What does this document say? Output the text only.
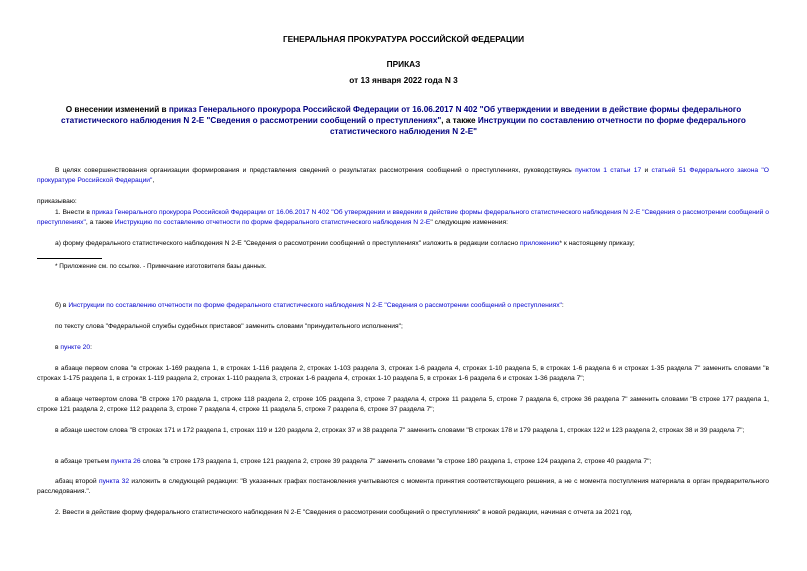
ГЕНЕРАЛЬНАЯ ПРОКУРАТУРА РОССИЙСКОЙ ФЕДЕРАЦИИ
ПРИКАЗ
от 13 января 2022 года N 3
О внесении изменений в приказ Генерального прокурора Российской Федерации от 16.06.2017 N 402 "Об утверждении и введении в действие формы федерального статистического наблюдения N 2-Е "Сведения о рассмотрении сообщений о преступлениях", а также Инструкции по составлению отчетности по форме федерального статистического наблюдения N 2-Е"
В целях совершенствования организации формирования и представления сведений о результатах рассмотрения сообщений о преступлениях, руководствуясь пунктом 1 статьи 17 и статьей 51 Федерального закона "О прокуратуре Российской Федерации",
приказываю:
1. Внести в приказ Генерального прокурора Российской Федерации от 16.06.2017 N 402 "Об утверждении и введении в действие формы федерального статистического наблюдения N 2-Е "Сведения о рассмотрении сообщений о преступлениях", а также Инструкцию по составлению отчетности по форме федерального статистического наблюдения N 2-Е" следующие изменения:
а) форму федерального статистического наблюдения N 2-Е "Сведения о рассмотрении сообщений о преступлениях" изложить в редакции согласно приложению* к настоящему приказу;
* Приложение см. по ссылке. - Примечание изготовителя базы данных.
б) в Инструкции по составлению отчетности по форме федерального статистического наблюдения N 2-Е "Сведения о рассмотрении сообщений о преступлениях":
по тексту слова "Федеральной службы судебных приставов" заменить словами "принудительного исполнения";
в пункте 20:
в абзаце первом слова "в строках 1-169 раздела 1, в строках 1-116 раздела 2, строках 1-103 раздела 3, строках 1-6 раздела 4, строках 1-10 раздела 5, в строках 1-6 раздела 6 и строках 1-35 раздела 7" заменить словами "в строках 1-175 раздела 1, в строках 1-119 раздела 2, строках 1-110 раздела 3, строках 1-6 раздела 4, строках 1-10 раздела 5, в строках 1-6 раздела 6 и строках 1-36 раздела 7";
в абзаце четвертом слова "В строке 170 раздела 1, строке 118 раздела 2, строке 105 раздела 3, строке 7 раздела 4, строке 11 раздела 5, строке 7 раздела 6, строке 36 раздела 7" заменить словами "В строке 177 раздела 1, строке 121 раздела 2, строке 112 раздела 3, строке 7 раздела 4, строке 11 раздела 5, строке 7 раздела 6, строке 37 раздела 7";
в абзаце шестом слова "В строках 171 и 172 раздела 1, строках 119 и 120 раздела 2, строках 37 и 38 раздела 7" заменить словами "В строках 178 и 179 раздела 1, строках 122 и 123 раздела 2, строках 38 и 39 раздела 7";
в абзаце третьем пункта 26 слова "в строке 173 раздела 1, строке 121 раздела 2, строке 39 раздела 7" заменить словами "в строке 180 раздела 1, строке 124 раздела 2, строке 40 раздела 7";
абзац второй пункта 32 изложить в следующей редакции: "В указанных графах постановления учитываются с момента принятия соответствующего решения, а не с момента поступления материала в орган предварительного расследования.".
2. Ввести в действие форму федерального статистического наблюдения N 2-Е "Сведения о рассмотрении сообщений о преступлениях" в новой редакции, начиная с отчета за 2021 год.
